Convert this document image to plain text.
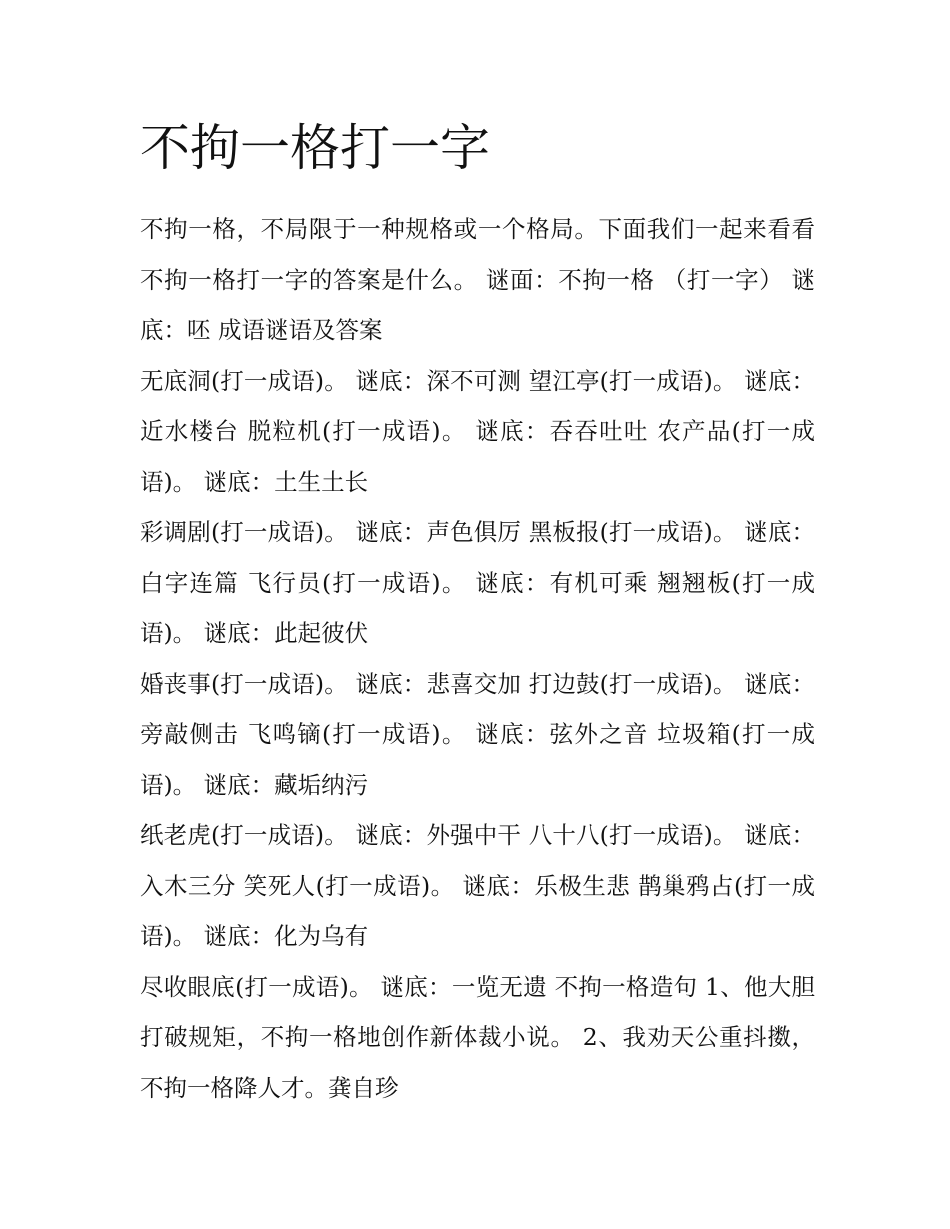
不拘一格打一字

不拘一格，不局限于一种规格或一个格局。下面我们一起来看看不拘一格打一字的答案是什么。 谜面：不拘一格 （打一字） 谜底：呸 成语谜语及答案

无底洞(打一成语)。 谜底：深不可测 望江亭(打一成语)。 谜底：近水楼台 脱粒机(打一成语)。 谜底：吞吞吐吐 农产品(打一成语)。 谜底：土生土长

彩调剧(打一成语)。 谜底：声色俱厉 黑板报(打一成语)。 谜底：白字连篇 飞行员(打一成语)。 谜底：有机可乘 翘翘板(打一成语)。 谜底：此起彼伏

婚丧事(打一成语)。 谜底：悲喜交加 打边鼓(打一成语)。 谜底：旁敲侧击 飞鸣镝(打一成语)。 谜底：弦外之音 垃圾箱(打一成语)。 谜底：藏垢纳污

纸老虎(打一成语)。 谜底：外强中干 八十八(打一成语)。 谜底：入木三分 笑死人(打一成语)。 谜底：乐极生悲 鹊巢鸦占(打一成语)。 谜底：化为乌有

尽收眼底(打一成语)。 谜底：一览无遗 不拘一格造句 1、他大胆打破规矩，不拘一格地创作新体裁小说。 2、我劝天公重抖擞，不拘一格降人才。龚自珍
